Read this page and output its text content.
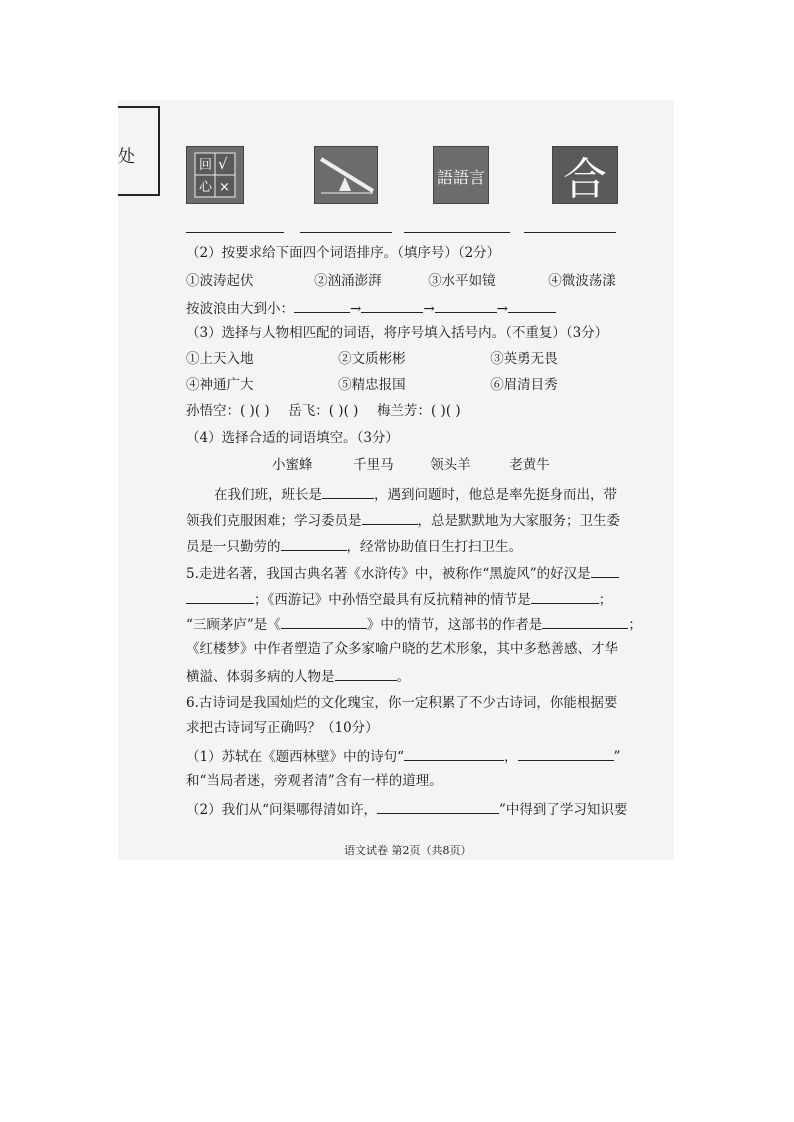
处	回 √
心 ×
語語言 合
（2）按要求给下面四个词语排序。（填序号）（2分）
①波涛起伏	②汹涌澎湃	③水平如镜	④微波荡漾
按波浪由大到小：	→	→	→
（3）选择与人物相匹配的词语，将序号填入括号内。（不重复）（3分）
①上天入地	②文质彬彬	③英勇无畏
④神通广大	⑤精忠报国	⑥眉清目秀
孙悟空：( )( ) 岳飞：( )( ) 梅兰芳：( )( )
（4）选择合适的词语填空。（3分）
小蜜蜂	千里马	领头羊	老黄牛
在我们班，班长是	，遇到问题时，他总是率先挺身而出，带
领我们克服困难；学习委员是	，总是默默地为大家服务；卫生委
员是一只勤劳的	，经常协助值日生打扫卫生。
5.走进名著，我国古典名著《水浒传》中，被称作“黑旋风”的好汉是
；《西游记》中孙悟空最具有反抗精神的情节是	；
“三顾茅庐”是《	》中的情节，这部书的作者是	；
《红楼梦》中作者塑造了众多家喻户晓的艺术形象，其中多愁善感、才华
横溢、体弱多病的人物是	。
6.古诗词是我国灿烂的文化瑰宝，你一定积累了不少古诗词，你能根据要
求把古诗词写正确吗？（10分）
（1）苏轼在《题西林壁》中的诗句“	，	”
和“当局者迷，旁观者清”含有一样的道理。
（2）我们从“问渠哪得清如许，	”中得到了学习知识要
语文试卷 第2页（共8页）
